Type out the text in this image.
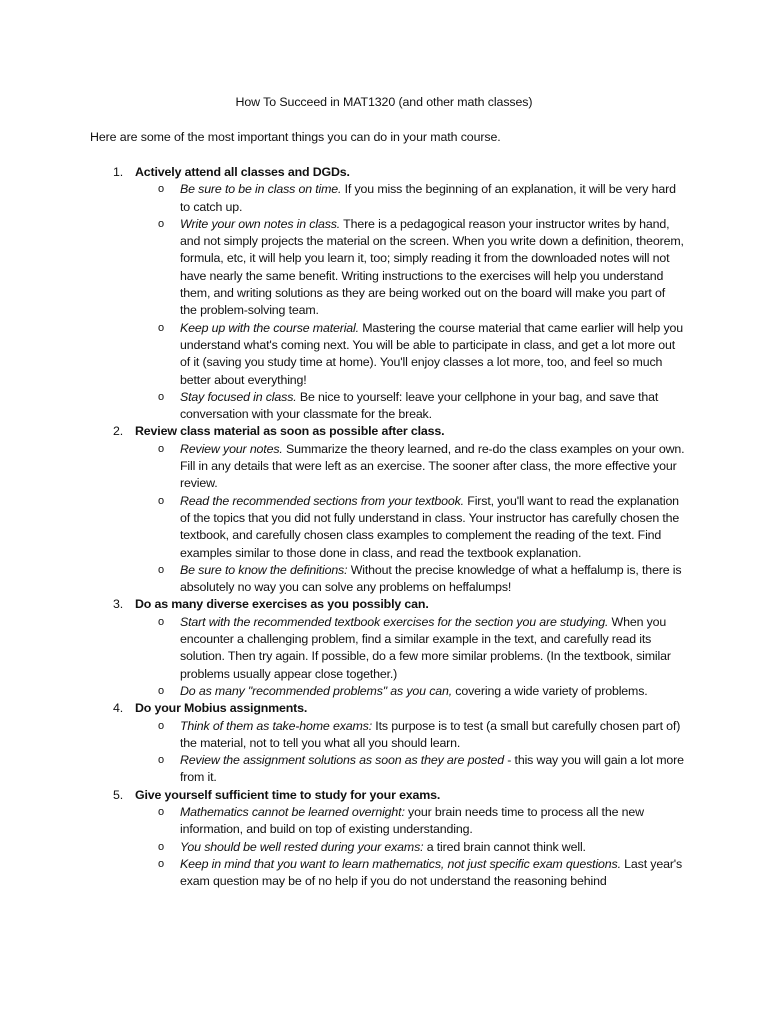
How To Succeed in MAT1320 (and other math classes)
Here are some of the most important things you can do in your math course.
1. Actively attend all classes and DGDs.
o Be sure to be in class on time. If you miss the beginning of an explanation, it will be very hard to catch up.
o Write your own notes in class. There is a pedagogical reason your instructor writes by hand, and not simply projects the material on the screen. When you write down a definition, theorem, formula, etc, it will help you learn it, too; simply reading it from the downloaded notes will not have nearly the same benefit. Writing instructions to the exercises will help you understand them, and writing solutions as they are being worked out on the board will make you part of the problem-solving team.
o Keep up with the course material. Mastering the course material that came earlier will help you understand what's coming next. You will be able to participate in class, and get a lot more out of it (saving you study time at home). You'll enjoy classes a lot more, too, and feel so much better about everything!
o Stay focused in class. Be nice to yourself: leave your cellphone in your bag, and save that conversation with your classmate for the break.
2. Review class material as soon as possible after class.
o Review your notes. Summarize the theory learned, and re-do the class examples on your own. Fill in any details that were left as an exercise. The sooner after class, the more effective your review.
o Read the recommended sections from your textbook. First, you'll want to read the explanation of the topics that you did not fully understand in class. Your instructor has carefully chosen the textbook, and carefully chosen class examples to complement the reading of the text. Find examples similar to those done in class, and read the textbook explanation.
o Be sure to know the definitions: Without the precise knowledge of what a heffalump is, there is absolutely no way you can solve any problems on heffalumps!
3. Do as many diverse exercises as you possibly can.
o Start with the recommended textbook exercises for the section you are studying. When you encounter a challenging problem, find a similar example in the text, and carefully read its solution. Then try again. If possible, do a few more similar problems. (In the textbook, similar problems usually appear close together.)
o Do as many "recommended problems" as you can, covering a wide variety of problems.
4. Do your Mobius assignments.
o Think of them as take-home exams: Its purpose is to test (a small but carefully chosen part of) the material, not to tell you what all you should learn.
o Review the assignment solutions as soon as they are posted - this way you will gain a lot more from it.
5. Give yourself sufficient time to study for your exams.
o Mathematics cannot be learned overnight: your brain needs time to process all the new information, and build on top of existing understanding.
o You should be well rested during your exams: a tired brain cannot think well.
o Keep in mind that you want to learn mathematics, not just specific exam questions. Last year's exam question may be of no help if you do not understand the reasoning behind
